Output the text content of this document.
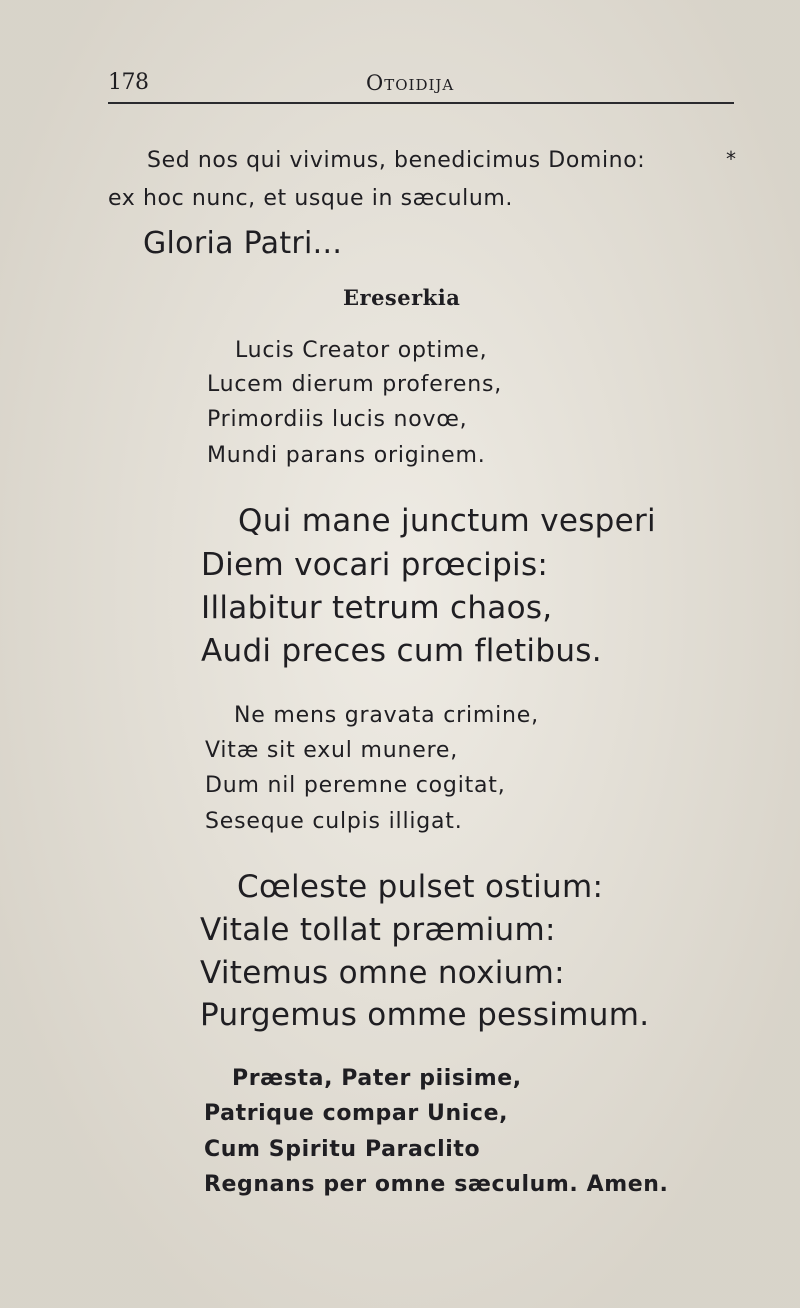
178	Otoidija
Sed nos qui vivimus, benedicimus Domino:	*
ex hoc nunc, et usque in sæculum.
Gloria Patri...
Ereserkia
Lucis Creator optime,
Lucem dierum proferens,
Primordiis lucis novœ,
Mundi parans originem.
Qui mane junctum vesperi
Diem vocari prœcipis:
Illabitur tetrum chaos,
Audi preces cum fletibus.
Ne mens gravata crimine,
Vitæ sit exul munere,
Dum nil peremne cogitat,
Seseque culpis illigat.
Cœleste pulset ostium:
Vitale tollat præmium:
Vitemus omne noxium:
Purgemus omme pessimum.
Præsta, Pater piisime,
Patrique compar Unice,
Cum Spiritu Paraclito
Regnans per omne sæculum. Amen.
